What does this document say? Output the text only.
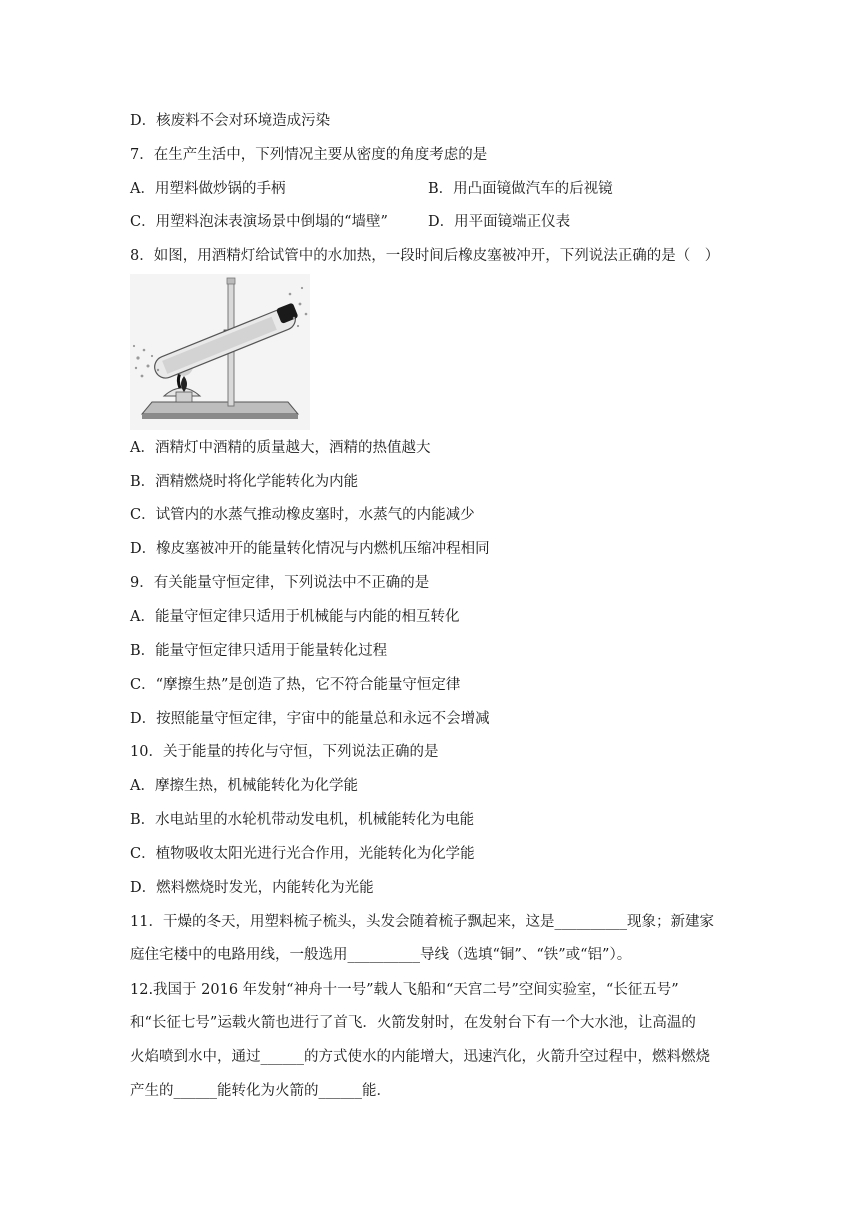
D．核废料不会对环境造成污染
7．在生产生活中，下列情况主要从密度的角度考虑的是
A．用塑料做炒锅的手柄	B．用凸面镜做汽车的后视镜
C．用塑料泡沫表演场景中倒塌的“墙壁”	D．用平面镜端正仪表
8．如图，用酒精灯给试管中的水加热，一段时间后橡皮塞被冲开，下列说法正确的是（　）
A．酒精灯中酒精的质量越大，酒精的热值越大
B．酒精燃烧时将化学能转化为内能
C．试管内的水蒸气推动橡皮塞时，水蒸气的内能减少
D．橡皮塞被冲开的能量转化情况与内燃机压缩冲程相同
9．有关能量守恒定律，下列说法中不正确的是
A．能量守恒定律只适用于机械能与内能的相互转化
B．能量守恒定律只适用于能量转化过程
C．“摩擦生热”是创造了热，它不符合能量守恒定律
D．按照能量守恒定律，宇宙中的能量总和永远不会增减
10．关于能量的抟化与守恒，下列说法正确的是
A．摩擦生热，机械能转化为化学能
B．水电站里的水轮机带动发电机，机械能转化为电能
C．植物吸收太阳光进行光合作用，光能转化为化学能
D．燃料燃烧时发光，内能转化为光能
11．干燥的冬天，用塑料梳子梳头，头发会随着梳子飘起来，这是__________现象；新建家
庭住宅楼中的电路用线，一般选用__________导线（选填“铜”、“铁”或“铝”）。
12.我国于 2016 年发射“神舟十一号”载人飞船和“天宫二号”空间实验室，“长征五号”
和“长征七号”运载火箭也进行了首飞．火箭发射时，在发射台下有一个大水池，让高温的
火焰喷到水中，通过______的方式使水的内能增大，迅速汽化，火箭升空过程中，燃料燃烧
产生的______能转化为火箭的______能．
